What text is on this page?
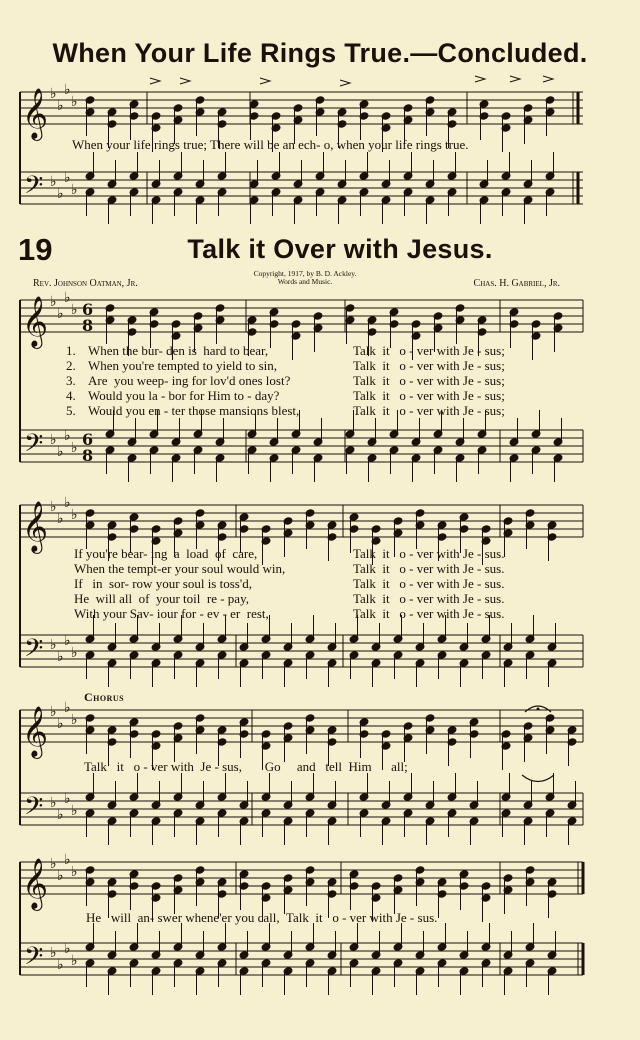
When Your Life Rings True.—Concluded.
19	Talk it Over with Jesus.
Rev. Johnson Oatman, Jr.
Copyright, 1917, by B. D. Ackley.
Words and Music.	Chas. H. Gabriel, Jr.
𝄞
𝄢
♭
♭
♭
♭
♭
♭
♭
♭
𝄞
𝄢
♭
♭
♭
♭
♭
♭
♭
♭
6
8
6
8
𝄞
𝄢
♭
♭
♭
♭
♭
♭
♭
♭
𝄞
𝄢
♭
♭
♭
♭
♭
♭
♭
♭
𝄞
𝄢
♭
♭
♭
♭
♭
♭
♭
♭
When your life rings true; There will be an ech- o, when your life rings true.
1. When the bur- den is  hard to bear,	Talk  it   o - ver with Je - sus;
2. When you're tempted to yield to sin,	Talk  it   o - ver with Je - sus;
3. Are  you weep- ing for lov'd ones lost?	Talk  it   o - ver with Je - sus;
4. Would you la - bor for Him to - day?	Talk  it   o - ver with Je - sus;
5. Would you en - ter those mansions blest,	Talk  it   o - ver with Je - sus;
If you're bear- ing  a  load  of  care,	Talk  it   o - ver with Je - sus.
When the tempt-er your soul would win,	Talk  it   o - ver with Je - sus.
If   in  sor- row your soul is toss'd,	Talk  it   o - ver with Je - sus.
He  will all  of  your toil  re - pay,	Talk  it   o - ver with Je - sus.
With your Sav- iour for - ev - er  rest,	Talk  it   o - ver with Je - sus.
Chorus
Talk   it   o - ver with  Je - sus,       Go     and   tell  Him      all;
He   will  an- swer whene'er you call,  Talk  it   o - ver with Je - sus.
